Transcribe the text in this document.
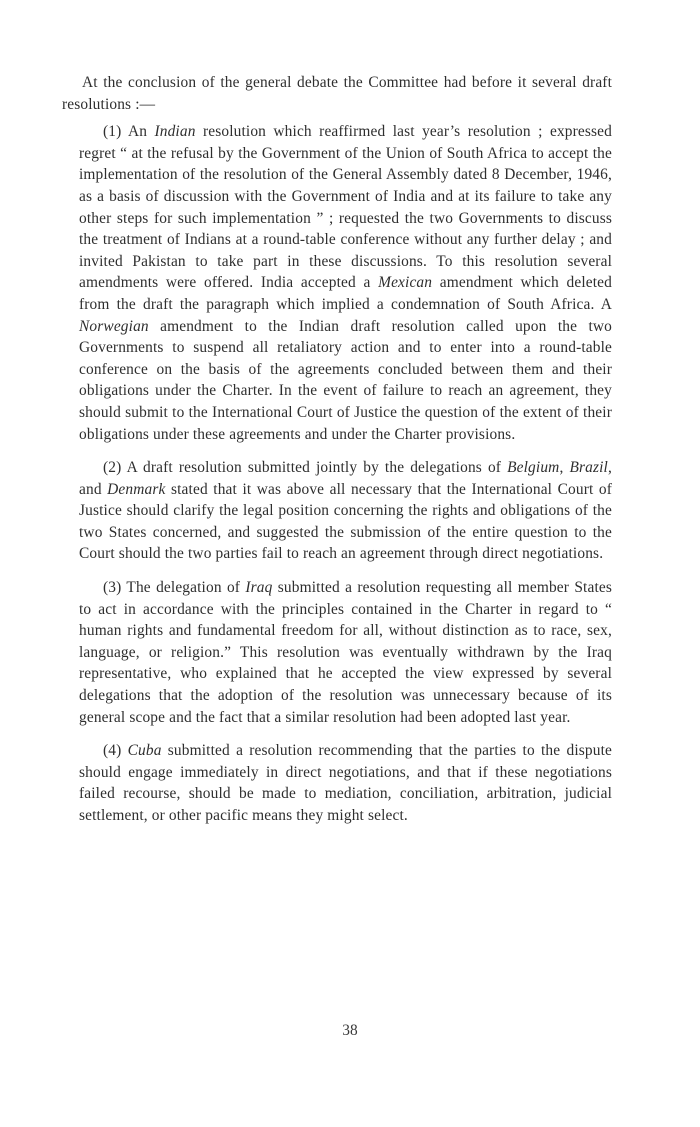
At the conclusion of the general debate the Committee had before it several draft resolutions :—

(1) An Indian resolution which reaffirmed last year’s resolution ; expressed regret “ at the refusal by the Government of the Union of South Africa to accept the implementation of the resolution of the General Assembly dated 8 December, 1946, as a basis of discussion with the Government of India and at its failure to take any other steps for such implementation ” ; requested the two Governments to discuss the treatment of Indians at a round-table conference without any further delay ; and invited Pakistan to take part in these discussions. To this resolution several amendments were offered. India accepted a Mexican amendment which deleted from the draft the paragraph which implied a condemnation of South Africa. A Norwegian amendment to the Indian draft resolution called upon the two Governments to suspend all retaliatory action and to enter into a round-table conference on the basis of the agreements concluded between them and their obligations under the Charter. In the event of failure to reach an agreement, they should submit to the International Court of Justice the question of the extent of their obligations under these agreements and under the Charter provisions.

(2) A draft resolution submitted jointly by the delegations of Belgium, Brazil, and Denmark stated that it was above all necessary that the International Court of Justice should clarify the legal position concerning the rights and obligations of the two States concerned, and suggested the submission of the entire question to the Court should the two parties fail to reach an agreement through direct negotiations.

(3) The delegation of Iraq submitted a resolution requesting all member States to act in accordance with the principles contained in the Charter in regard to “ human rights and fundamental freedom for all, without distinction as to race, sex, language, or religion.” This resolution was eventually withdrawn by the Iraq representative, who explained that he accepted the view expressed by several delegations that the adoption of the resolution was unnecessary because of its general scope and the fact that a similar resolution had been adopted last year.

(4) Cuba submitted a resolution recommending that the parties to the dispute should engage immediately in direct negotiations, and that if these negotiations failed recourse, should be made to mediation, conciliation, arbitration, judicial settlement, or other pacific means they might select.

38
